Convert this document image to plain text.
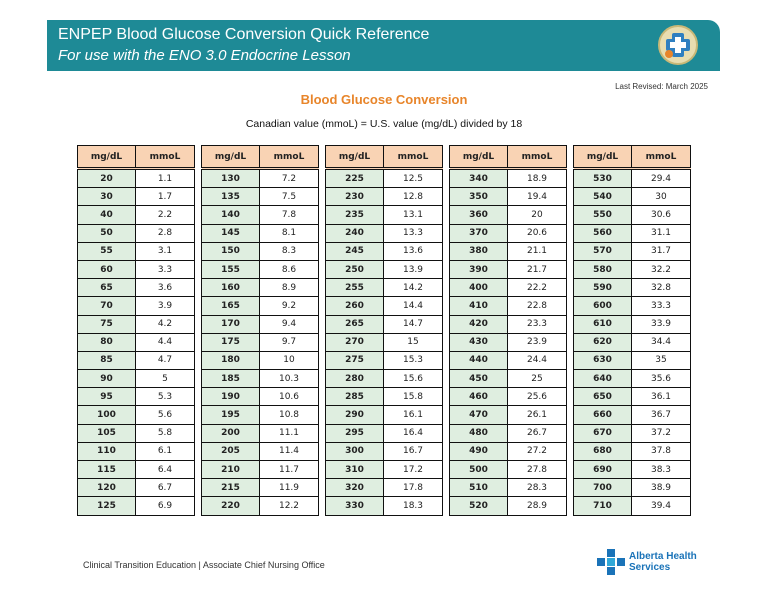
ENPEP Blood Glucose Conversion Quick Reference
For use with the ENO 3.0 Endocrine Lesson
Last Revised: March 2025
Blood Glucose Conversion
Canadian value (mmoL) = U.S. value (mg/dL) divided by 18
mg/dL	mmoL
20	1.1
30	1.7
40	2.2
50	2.8
55	3.1
60	3.3
65	3.6
70	3.9
75	4.2
80	4.4
85	4.7
90	5
95	5.3
100	5.6
105	5.8
110	6.1
115	6.4
120	6.7
125	6.9
mg/dL	mmoL
130	7.2
135	7.5
140	7.8
145	8.1
150	8.3
155	8.6
160	8.9
165	9.2
170	9.4
175	9.7
180	10
185	10.3
190	10.6
195	10.8
200	11.1
205	11.4
210	11.7
215	11.9
220	12.2
mg/dL	mmoL
225	12.5
230	12.8
235	13.1
240	13.3
245	13.6
250	13.9
255	14.2
260	14.4
265	14.7
270	15
275	15.3
280	15.6
285	15.8
290	16.1
295	16.4
300	16.7
310	17.2
320	17.8
330	18.3
mg/dL	mmoL
340	18.9
350	19.4
360	20
370	20.6
380	21.1
390	21.7
400	22.2
410	22.8
420	23.3
430	23.9
440	24.4
450	25
460	25.6
470	26.1
480	26.7
490	27.2
500	27.8
510	28.3
520	28.9
mg/dL	mmoL
530	29.4
540	30
550	30.6
560	31.1
570	31.7
580	32.2
590	32.8
600	33.3
610	33.9
620	34.4
630	35
640	35.6
650	36.1
660	36.7
670	37.2
680	37.8
690	38.3
700	38.9
710	39.4
Clinical Transition Education | Associate Chief Nursing Office
Alberta Health
Services
